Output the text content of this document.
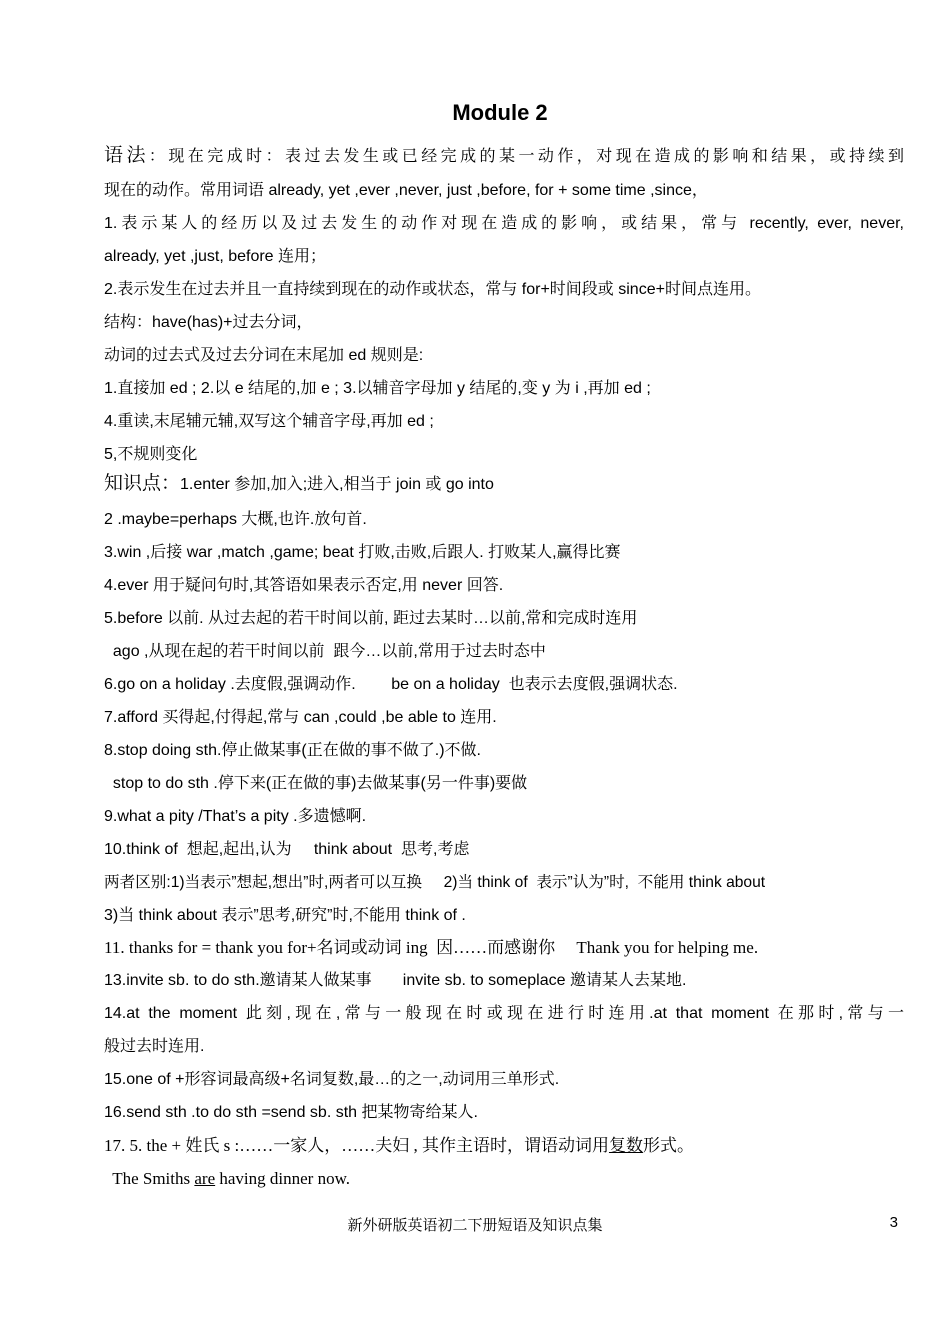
Module 2
语法：现在完成时：表过去发生或已经完成的某一动作，对现在造成的影响和结果，或持续到
现在的动作。常用词语 already, yet ,ever ,never, just ,before, for + some time ,since，
1.表示某人的经历以及过去发生的动作对现在造成的影响，或结果，常与 recently, ever, never,
already, yet ,just, before 连用；
2.表示发生在过去并且一直持续到现在的动作或状态，常与 for+时间段或 since+时间点连用。
结构：have(has)+过去分词，
动词的过去式及过去分词在末尾加 ed 规则是:
1.直接加 ed ; 2.以 e 结尾的,加 e ; 3.以辅音字母加 y 结尾的,变 y 为 i ,再加 ed ;
4.重读,末尾辅元辅,双写这个辅音字母,再加 ed ;
5,不规则变化
知识点：1.enter 参加,加入;进入,相当于 join 或 go into
2 .maybe=perhaps 大概,也许.放句首.
3.win ,后接 war ,match ,game; beat 打败,击败,后跟人. 打败某人,赢得比赛
4.ever 用于疑问句时,其答语如果表示否定,用 never 回答.
5.before 以前. 从过去起的若干时间以前, 距过去某时…以前,常和完成时连用
ago ,从现在起的若干时间以前  跟今…以前,常用于过去时态中
6.go on a holiday .去度假,强调动作.        be on a holiday  也表示去度假,强调状态.
7.afford 买得起,付得起,常与 can ,could ,be able to 连用.
8.stop doing sth.停止做某事(正在做的事不做了.)不做.
stop to do sth .停下来(正在做的事)去做某事(另一件事)要做
9.what a pity /That’s a pity .多遗憾啊.
10.think of  想起,起出,认为     think about  思考,考虑
两者区别:1)当表示”想起,想出”时,两者可以互换     2)当 think of  表示”认为”时,  不能用 think about
3)当 think about 表示”思考,研究”时,不能用 think of .
11. thanks for = thank you for+名词或动词 ing  因……而感谢你     Thank you for helping me.
13.invite sb. to do sth.邀请某人做某事       invite sb. to someplace 邀请某人去某地.
14.at the moment 此刻,现在,常与一般现在时或现在进行时连用.at that moment 在那时,常与一
般过去时连用.
15.one of +形容词最高级+名词复数,最…的之一,动词用三单形式.
16.send sth .to do sth =send sb. sth 把某物寄给某人.
17. 5. the + 姓氏 s :……一家人，……夫妇 , 其作主语时，谓语动词用复数形式。
The Smiths are having dinner now.
新外研版英语初二下册短语及知识点集	3
